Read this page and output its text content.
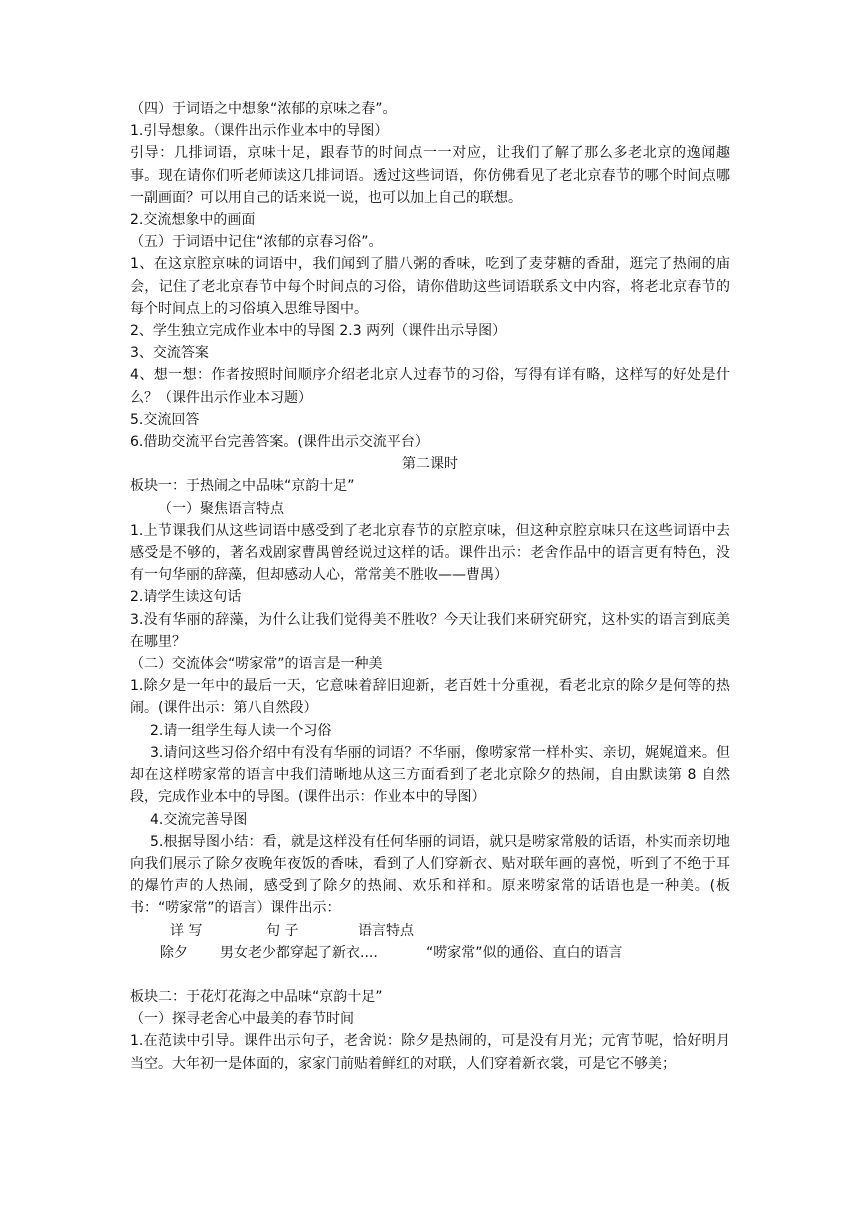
（四）于词语之中想象“浓郁的京味之春”。

1.引导想象。（课件出示作业本中的导图）

引导：几排词语，京味十足，跟春节的时间点一一对应，让我们了解了那么多老北京的逸闻趣事。现在请你们听老师读这几排词语。透过这些词语，你仿佛看见了老北京春节的哪个时间点哪一副画面？可以用自己的话来说一说，也可以加上自己的联想。

2.交流想象中的画面

（五）于词语中记住“浓郁的京春习俗”。

1、在这京腔京味的词语中，我们闻到了腊八粥的香味，吃到了麦芽糖的香甜，逛完了热闹的庙会，记住了老北京春节中每个时间点的习俗，请你借助这些词语联系文中内容，将老北京春节的每个时间点上的习俗填入思维导图中。

2、学生独立完成作业本中的导图 2.3 两列（课件出示导图）

3、交流答案

4、想一想：作者按照时间顺序介绍老北京人过春节的习俗，写得有详有略，这样写的好处是什么？（课件出示作业本习题）

5.交流回答

6.借助交流平台完善答案。(课件出示交流平台）

第二课时

板块一：于热闹之中品味“京韵十足”

（一）聚焦语言特点

1.上节课我们从这些词语中感受到了老北京春节的京腔京味，但这种京腔京味只在这些词语中去感受是不够的，著名戏剧家曹禺曾经说过这样的话。课件出示：老舍作品中的语言更有特色，没有一句华丽的辞藻，但却感动人心，常常美不胜收——曹禺）

2.请学生读这句话

3.没有华丽的辞藻，为什么让我们觉得美不胜收？今天让我们来研究研究，这朴实的语言到底美在哪里？

（二）交流体会“唠家常”的语言是一种美

1.除夕是一年中的最后一天，它意味着辞旧迎新，老百姓十分重视，看老北京的除夕是何等的热闹。(课件出示：第八自然段）

2.请一组学生每人读一个习俗

3.请问这些习俗介绍中有没有华丽的词语？不华丽，像唠家常一样朴实、亲切，娓娓道来。但却在这样唠家常的语言中我们清晰地从这三方面看到了老北京除夕的热闹，自由默读第 8 自然段，完成作业本中的导图。(课件出示：作业本中的导图）

4.交流完善导图

5.根据导图小结：看，就是这样没有任何华丽的词语，就只是唠家常般的话语，朴实而亲切地向我们展示了除夕夜晚年夜饭的香味，看到了人们穿新衣、贴对联年画的喜悦，听到了不绝于耳的爆竹声的人热闹，感受到了除夕的热闹、欢乐和祥和。原来唠家常的话语也是一种美。(板书：“唠家常”的语言）课件出示：

详 写	句 子	语言特点
除夕	男女老少都穿起了新衣....	“唠家常”似的通俗、直白的语言

板块二：于花灯花海之中品味“京韵十足”

（一）探寻老舍心中最美的春节时间

1.在范读中引导。课件出示句子，老舍说：除夕是热闹的，可是没有月光；元宵节呢，恰好明月当空。大年初一是体面的，家家门前贴着鲜红的对联，人们穿着新衣裳，可是它不够美；
